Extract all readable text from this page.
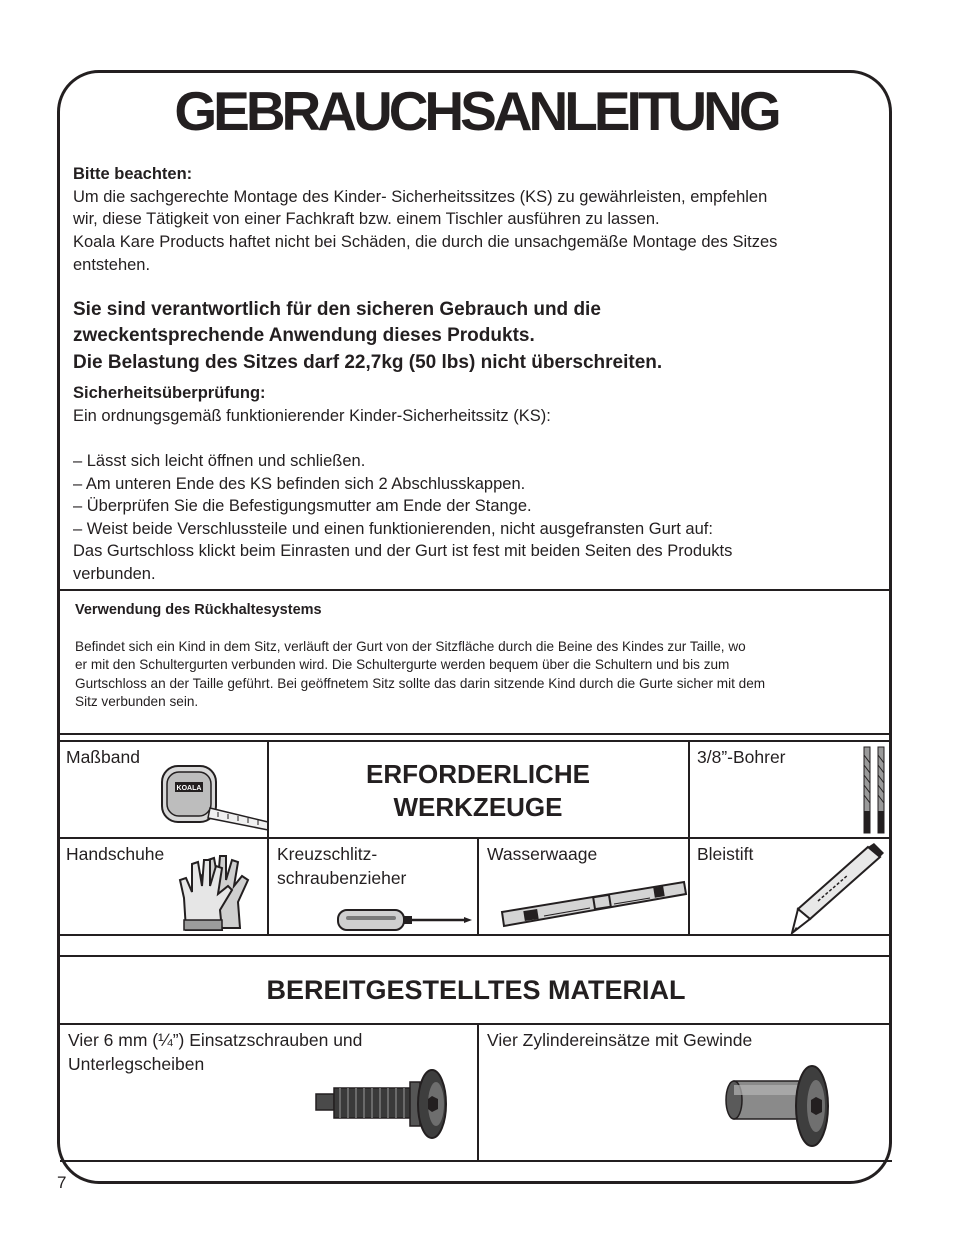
GEBRAUCHSANLEITUNG

Bitte beachten:

Um die sachgerechte Montage des Kinder- Sicherheitssitzes (KS) zu gewährleisten, empfehlen

wir, diese Tätigkeit von einer Fachkraft bzw. einem Tischler ausführen zu lassen.

Koala Kare Products haftet nicht bei Schäden, die durch die unsachgemäße Montage des Sitzes

entstehen.

Sie sind verantwortlich für den sicheren Gebrauch und die

zweckentsprechende Anwendung dieses Produkts.

Die Belastung des Sitzes darf 22,7kg (50 lbs) nicht überschreiten.

Sicherheitsüberprüfung:

Ein ordnungsgemäß funktionierender Kinder-Sicherheitssitz (KS):

– Lässt sich leicht öffnen und schließen.

– Am unteren Ende des KS befinden sich 2 Abschlusskappen.

– Überprüfen Sie die Befestigungsmutter am Ende der Stange.

– Weist beide Verschlussteile und einen funktionierenden, nicht ausgefransten Gurt auf:

Das Gurtschloss klickt beim Einrasten und der Gurt ist fest mit beiden Seiten des Produkts

verbunden.

Verwendung des Rückhaltesystems

Befindet sich ein Kind in dem Sitz, verläuft der Gurt von der Sitzfläche durch die Beine des Kindes zur Taille, wo

er mit den Schultergurten verbunden wird. Die Schultergurte werden bequem über die Schultern und bis zum

Gurtschloss an der Taille geführt. Bei geöffnetem Sitz sollte das darin sitzende Kind durch die Gurte sicher mit dem

Sitz verbunden sein.

ERFORDERLICHE
WERKZEUGE
Maßband
KOALA
3/8”-Bohrer
Handschuhe	Kreuzschlitz-
schraubenzieher
Wasserwaage	Bleistift
BEREITGESTELLTES MATERIAL
Vier 6 mm (¼”) Einsatzschrauben und
Unterlegscheiben
Vier Zylindereinsätze mit Gewinde
7
